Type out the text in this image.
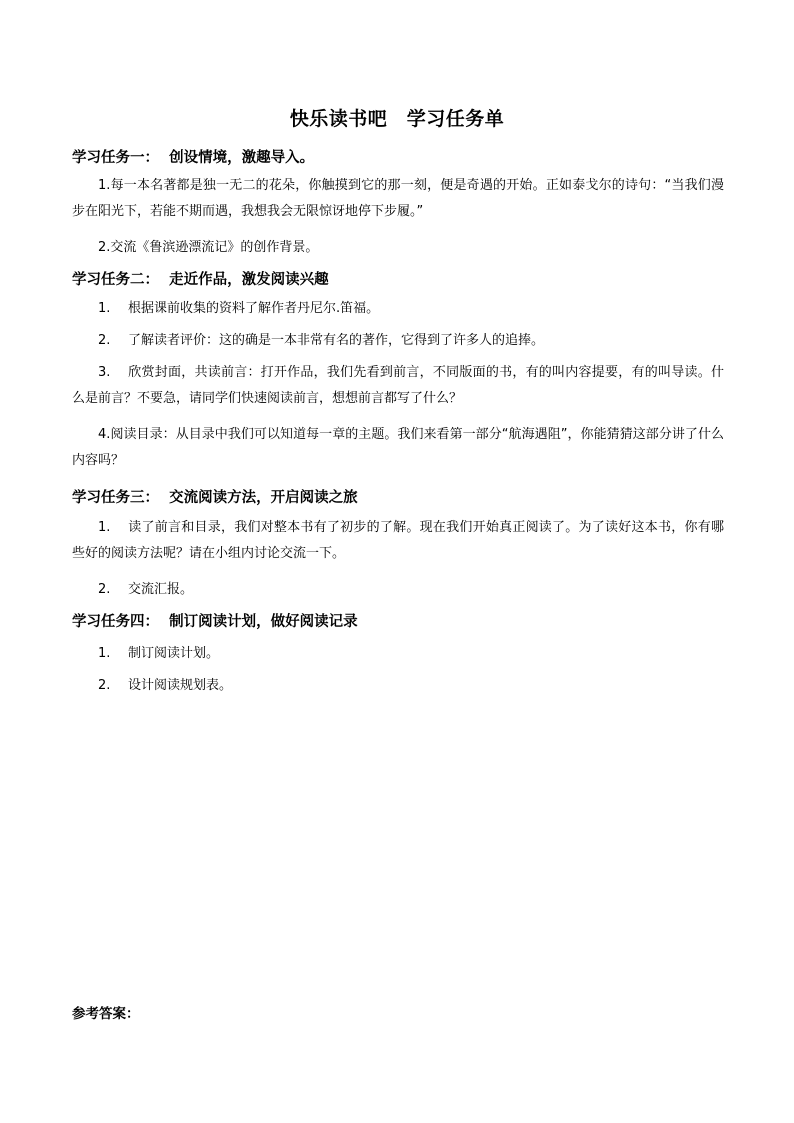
快乐读书吧　学习任务单
学习任务一：  创设情境，激趣导入。
1.每一本名著都是独一无二的花朵，你触摸到它的那一刻，便是奇遇的开始。正如泰戈尔的诗句：“当我们漫步在阳光下，若能不期而遇，我想我会无限惊讶地停下步履。”
2.交流《鲁滨逊漂流记》的创作背景。
学习任务二：  走近作品，激发阅读兴趣
1. 根据课前收集的资料了解作者丹尼尔.笛福。
2. 了解读者评价：这的确是一本非常有名的著作，它得到了许多人的追捧。
3. 欣赏封面，共读前言：打开作品，我们先看到前言，不同版面的书，有的叫内容提要，有的叫导读。什么是前言？不要急，请同学们快速阅读前言，想想前言都写了什么？
4.阅读目录：从目录中我们可以知道每一章的主题。我们来看第一部分“航海遇阻”，你能猜猜这部分讲了什么内容吗？
学习任务三：  交流阅读方法，开启阅读之旅
1. 读了前言和目录，我们对整本书有了初步的了解。现在我们开始真正阅读了。为了读好这本书，你有哪些好的阅读方法呢？请在小组内讨论交流一下。
2. 交流汇报。
学习任务四：  制订阅读计划，做好阅读记录
1. 制订阅读计划。
2. 设计阅读规划表。
参考答案：
